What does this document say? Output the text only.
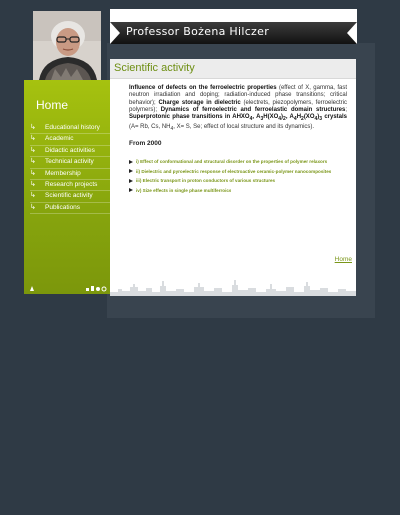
Professor Bożena Hilczer
Scientific activity
Influence of defects on the ferroelectric properties (effect of X, gamma, fast neutron irradiation and doping; radiation-induced phase transitions; critical behavior); Charge storage in dielectric (electrets, piezopolymers, ferroelectric polymers); Dynamics of ferroelectric and ferroelastic domain structures; Superprotonic phase transitions in $AHXO_4$, $A_3H(XO_4)_2$, $A_4H_2(XO_4)_3$ crystals (A= Rb, Cs, $NH_4$, X= S, Se; effect of local structure and its dynamics).
From 2000
i) Effect of conformational and structural disorder on the properties of polymer relaxors
ii) Dielectric and pyroelectric response of electroactive ceramic-polymer nanocomposites
iii) Electric transport in proton conductors of various structures
iv) Size effects in single phase multiferroics
Home
Home
↳	Educational history
↳	Academic
↳	Didactic activities
↳	Technical activity
↳	Membership
↳	Research projects
↳	Scientific activity
↳	Publications
